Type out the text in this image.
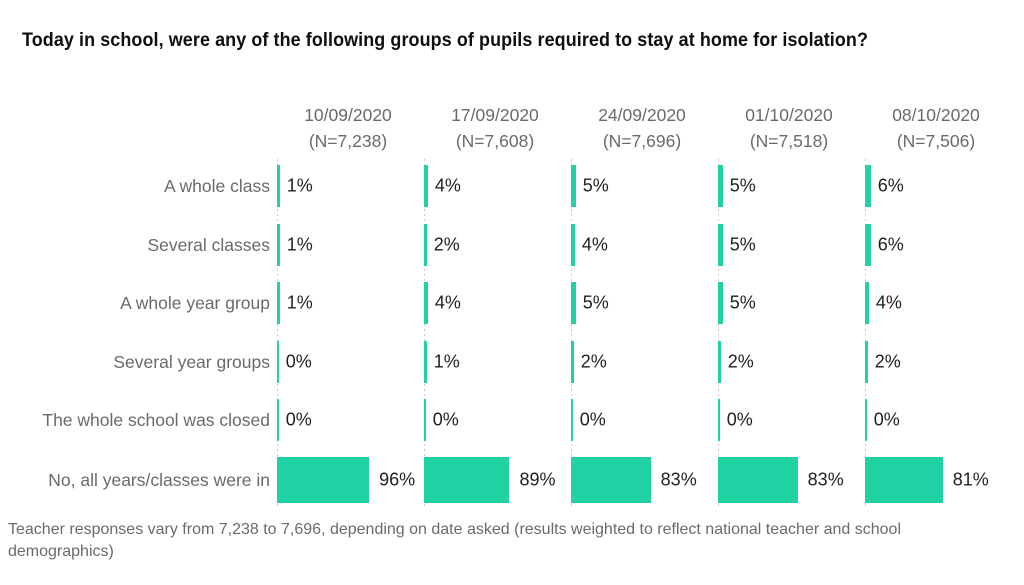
Today in school, were any of the following groups of pupils required to stay at home for isolation?
10/09/2020
(N=7,238)
17/09/2020
(N=7,608)
24/09/2020
(N=7,696)
01/10/2020
(N=7,518)
08/10/2020
(N=7,506)
A whole class 1%	4%	5%	5%	6%
Several classes 1%	2%	4%	5%	6%
A whole year group 1%	4%	5%	5%	4%
Several year groups 0%	1%	2%	2%	2%
The whole school was closed 0%	0%	0%	0%	0%
No, all years/classes were in	96%	89%	83%	83%	81%

Teacher responses vary from 7,238 to 7,696, depending on date asked (results weighted to reflect national teacher and school demographics)
